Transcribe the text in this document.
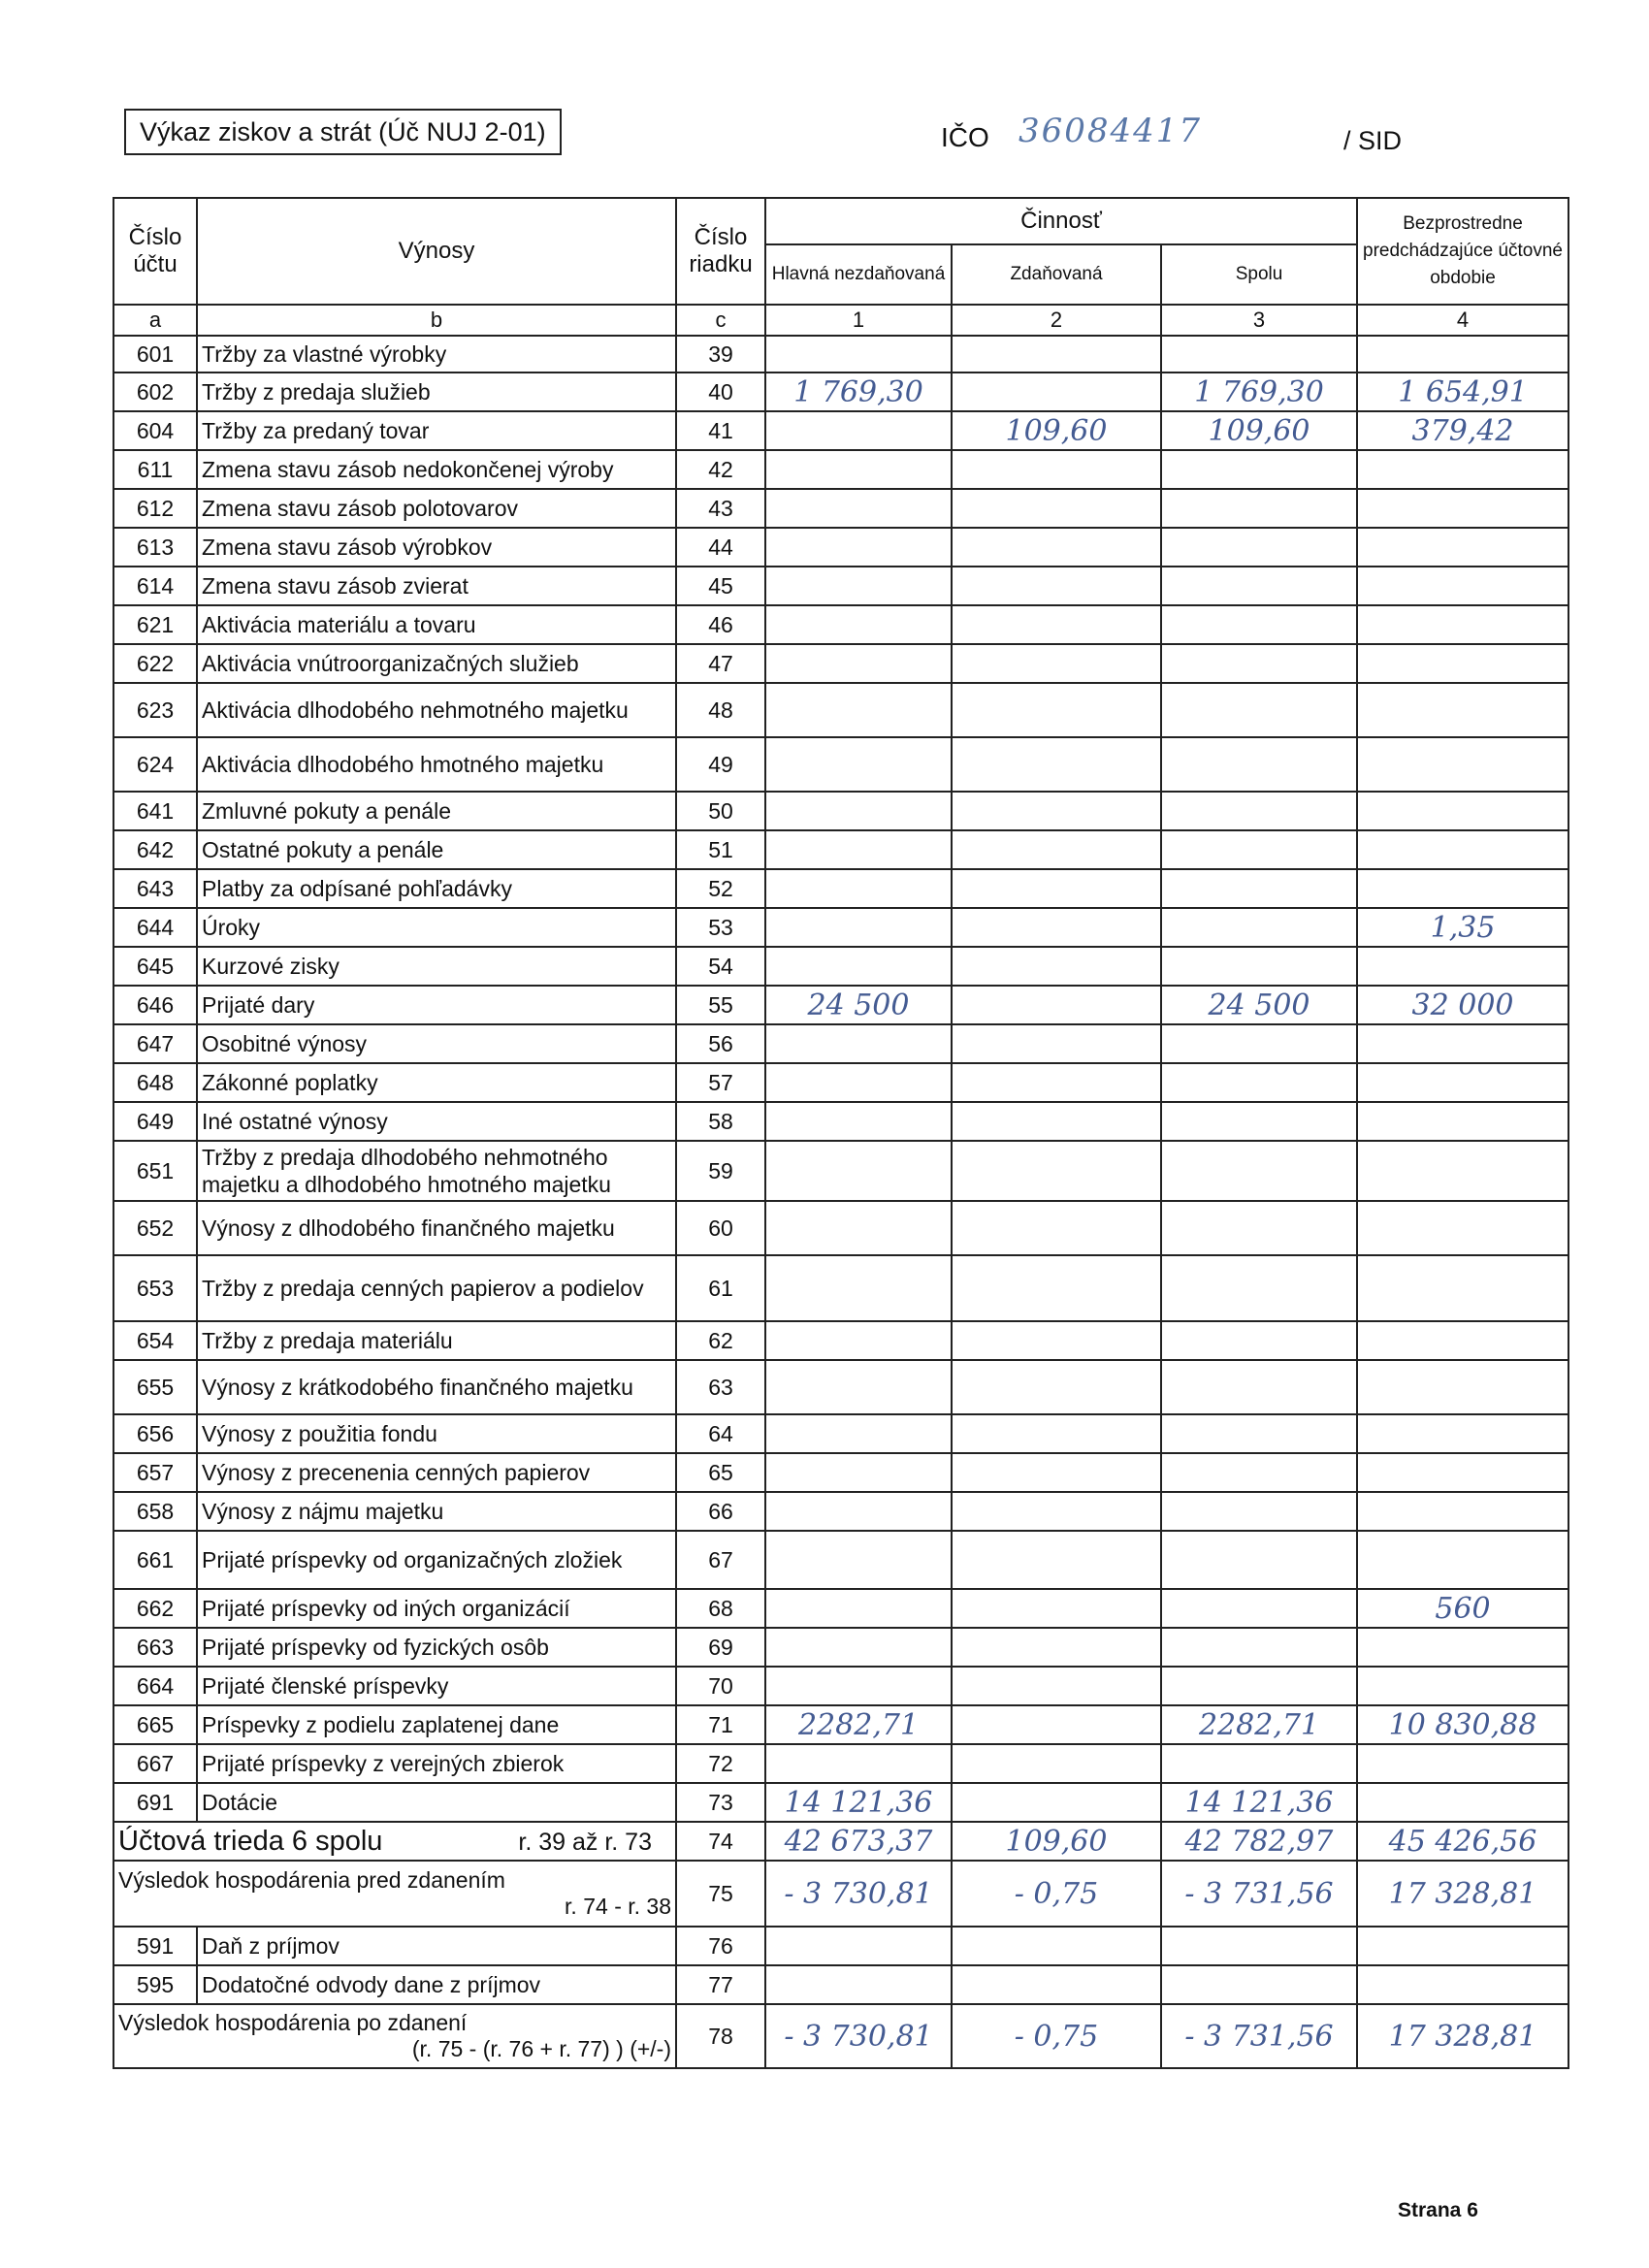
Výkaz ziskov a strát (Úč NUJ 2-01)	IČO 36084417	/ SID
Číslo účtu	Výnosy	Číslo riadku	Činnosť			Bezprostredne predchádzajúce účtovné obdobie
			Hlavná nezdaňovaná	Zdaňovaná	Spolu	
a	b	c	1	2	3	4
601	Tržby za vlastné výrobky	39				
602	Tržby z predaja služieb	40	1 769,30		1 769,30	1 654,91
604	Tržby za predaný tovar	41		109,60	109,60	379,42
611	Zmena stavu zásob nedokončenej výroby	42				
612	Zmena stavu zásob polotovarov	43				
613	Zmena stavu zásob výrobkov	44				
614	Zmena stavu zásob zvierat	45				
621	Aktivácia materiálu a tovaru	46				
622	Aktivácia vnútroorganizačných služieb	47				
623	Aktivácia dlhodobého nehmotného majetku	48				
624	Aktivácia dlhodobého hmotného majetku	49				
641	Zmluvné pokuty a penále	50				
642	Ostatné pokuty a penále	51				
643	Platby za odpísané pohľadávky	52				
644	Úroky	53				1,35
645	Kurzové zisky	54				
646	Prijaté dary	55	24 500		24 500	32 000
647	Osobitné výnosy	56				
648	Zákonné poplatky	57				
649	Iné ostatné výnosy	58				
651	Tržby z predaja dlhodobého nehmotného majetku a dlhodobého hmotného majetku	59				
652	Výnosy z dlhodobého finančného majetku	60				
653	Tržby z predaja cenných papierov a podielov	61				
654	Tržby z predaja materiálu	62				
655	Výnosy z krátkodobého finančného majetku	63				
656	Výnosy z použitia fondu	64				
657	Výnosy z precenenia cenných papierov	65				
658	Výnosy z nájmu majetku	66				
661	Prijaté príspevky od organizačných zložiek	67				
662	Prijaté príspevky od iných organizácií	68				560
663	Prijaté príspevky od fyzických osôb	69				
664	Prijaté členské príspevky	70				
665	Príspevky z podielu zaplatenej dane	71	2282,71		2282,71	10 830,88
667	Prijaté príspevky z verejných zbierok	72				
691	Dotácie	73	14 121,36		14 121,36	

Účtová trieda 6 spolu r. 39 až r. 73		74	42 673,37	109,60	42 782,97	45 426,56

Výsledok hospodárenia pred zdanením
r. 74 - r. 38		75	- 3 730,81	- 0,75	- 3 731,56	17 328,81
591	Daň z príjmov	76				
595	Dodatočné odvody dane z príjmov	77				

Výsledok hospodárenia po zdanení
(r. 75 - (r. 76 + r. 77) ) (+/-)		78	- 3 730,81	- 0,75	- 3 731,56	17 328,81
Strana 6
